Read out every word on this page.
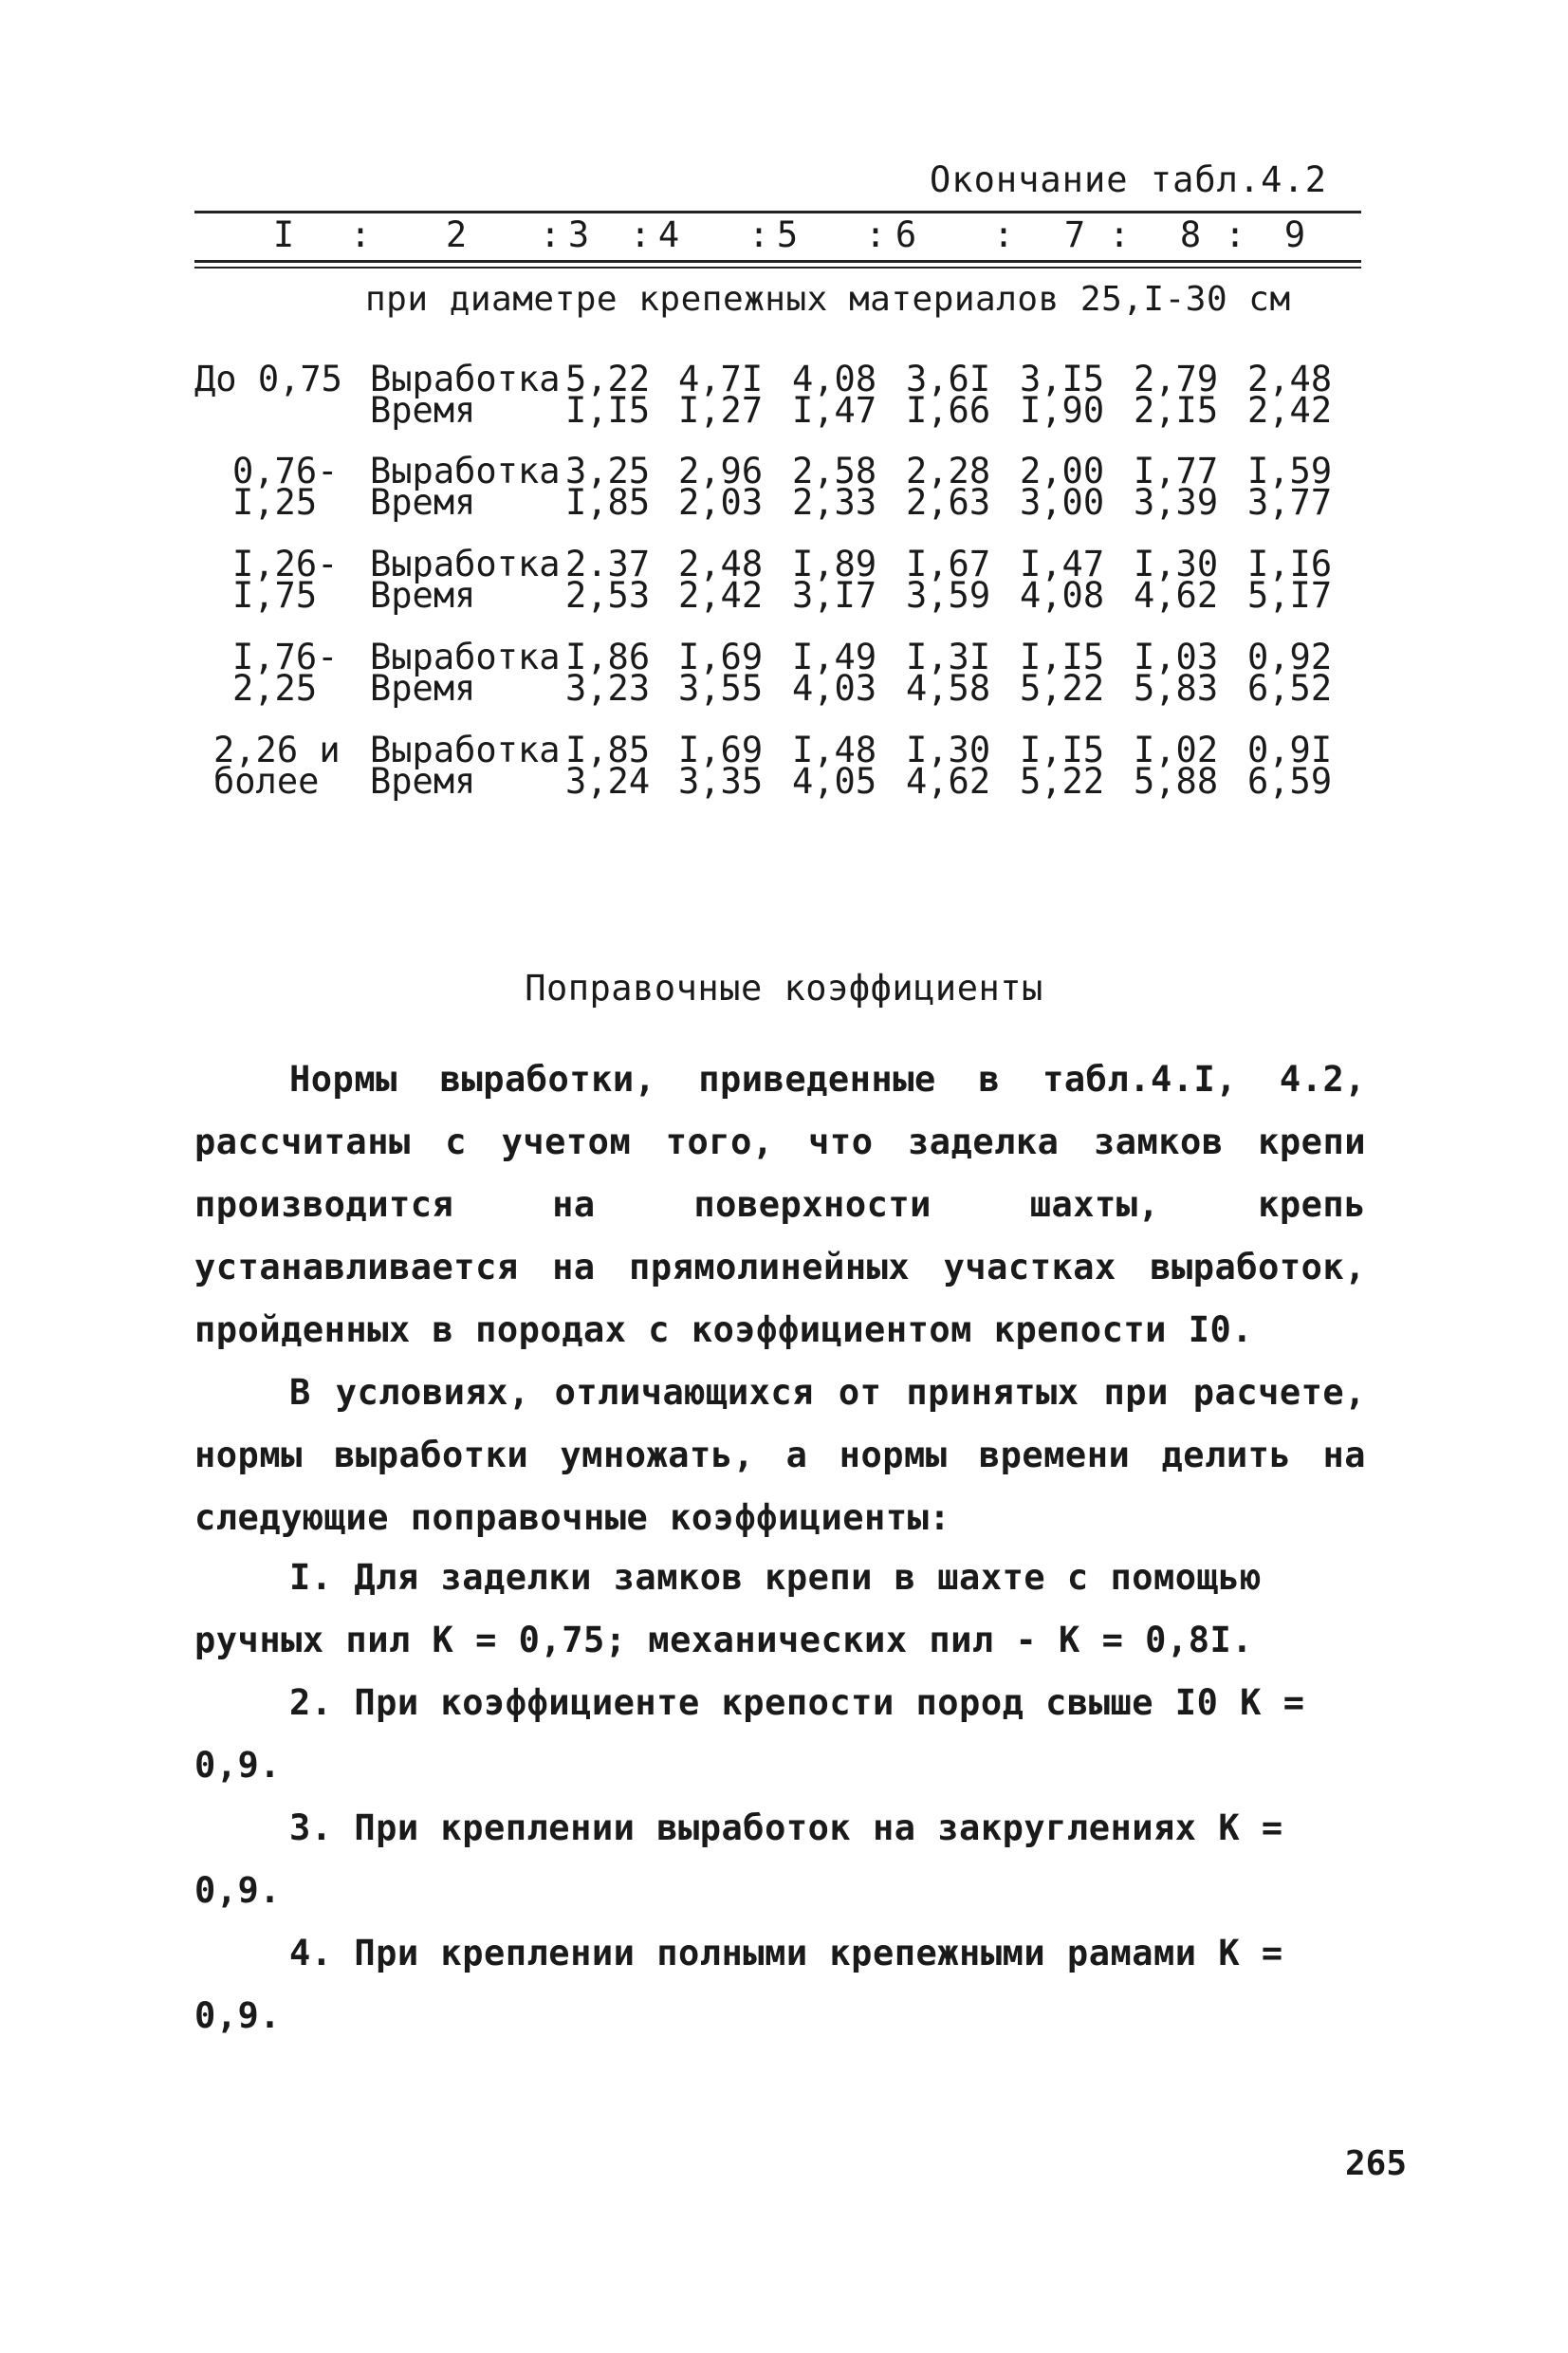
Окончание табл.4.2
I : 2 : 3 : 4 : 5 : 6 : 7 : 8 : 9
при диаметре крепежных материалов 25,I-30 см
До 0,75 Выработка
Время
5,22 4,7I 4,08 3,6I 3,I5 2,79 2,48
I,I5 I,27 I,47 I,66 I,90 2,I5 2,42
0,76-
I,25
Выработка
Время
3,25 2,96 2,58 2,28 2,00 I,77 I,59
I,85 2,03 2,33 2,63 3,00 3,39 3,77
I,26-
I,75
Выработка
Время
2.37 2,48 I,89 I,67 I,47 I,30 I,I6
2,53 2,42 3,I7 3,59 4,08 4,62 5,I7
I,76-
2,25
Выработка
Время
I,86 I,69 I,49 I,3I I,I5 I,03 0,92
3,23 3,55 4,03 4,58 5,22 5,83 6,52
2,26 и
более
Выработка
Время
I,85 I,69 I,48 I,30 I,I5 I,02 0,9I
3,24 3,35 4,05 4,62 5,22 5,88 6,59
Поправочные коэффициенты

Нормы выработки, приведенные в табл.4.I, 4.2, рассчитаны с учетом того, что заделка замков крепи производится на поверхности шахты, крепь устанавливается на прямолинейных участках выработок, пройденных в породах с коэффициентом крепости I0.

В условиях, отличающихся от принятых при расчете, нормы выработки умножать, а нормы времени делить на следующие поправочные коэффициенты:

I. Для заделки замков крепи в шахте с помощью ручных пил К = 0,75; механических пил - К = 0,8I.

2. При коэффициенте крепости пород свыше I0 К = 0,9.

3. При креплении выработок на закруглениях К = 0,9.

4. При креплении полными крепежными рамами К = 0,9.

265
